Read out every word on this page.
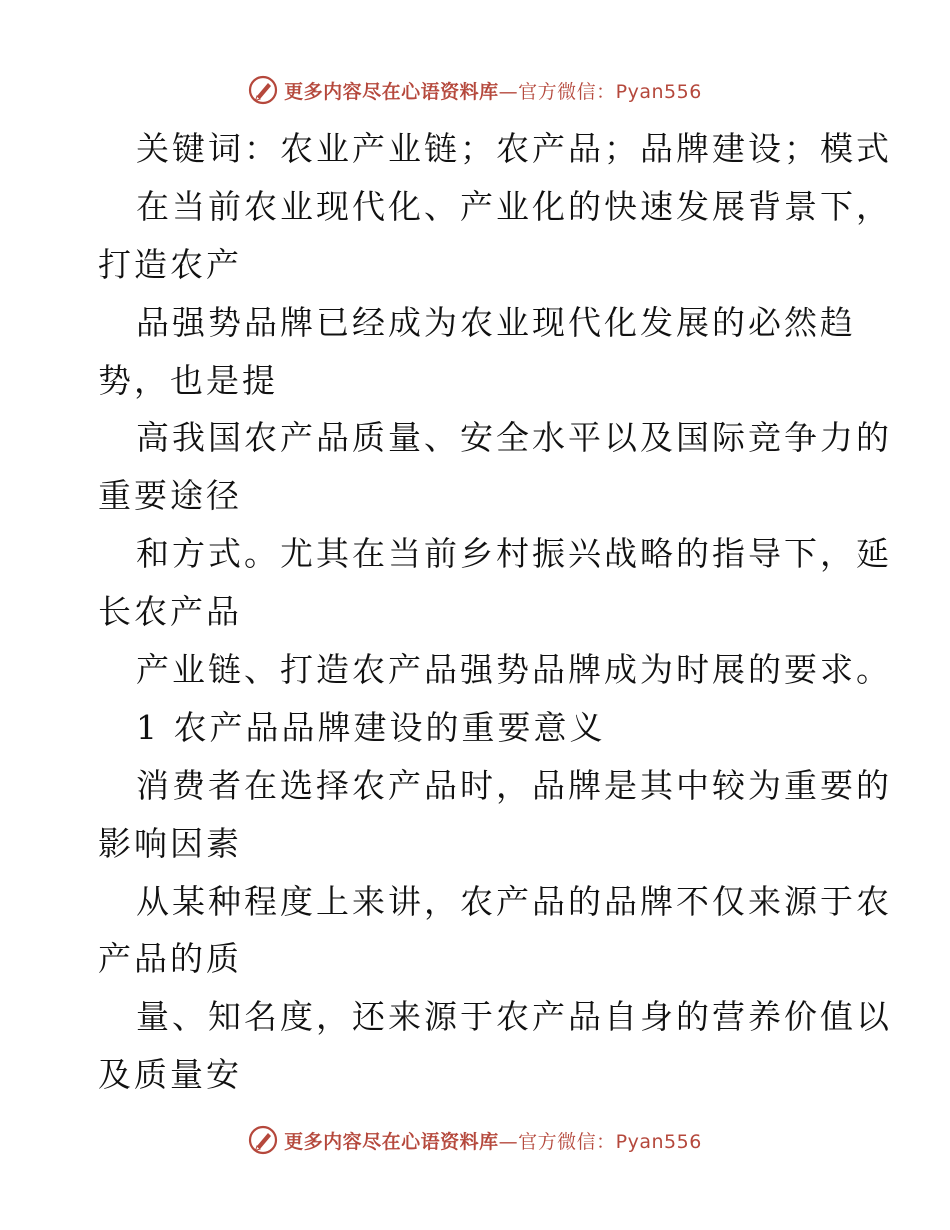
更多内容尽在心语资料库—官方微信：Pyan556
关键词：农业产业链；农产品；品牌建设；模式
在当前农业现代化、产业化的快速发展背景下，
打造农产
品强势品牌已经成为农业现代化发展的必然趋
势，也是提
高我国农产品质量、安全水平以及国际竞争力的
重要途径
和方式。尤其在当前乡村振兴战略的指导下，延
长农产品
产业链、打造农产品强势品牌成为时展的要求。
1 农产品品牌建设的重要意义
消费者在选择农产品时，品牌是其中较为重要的
影响因素
从某种程度上来讲，农产品的品牌不仅来源于农
产品的质
量、知名度，还来源于农产品自身的营养价值以
及质量安
更多内容尽在心语资料库—官方微信：Pyan556
